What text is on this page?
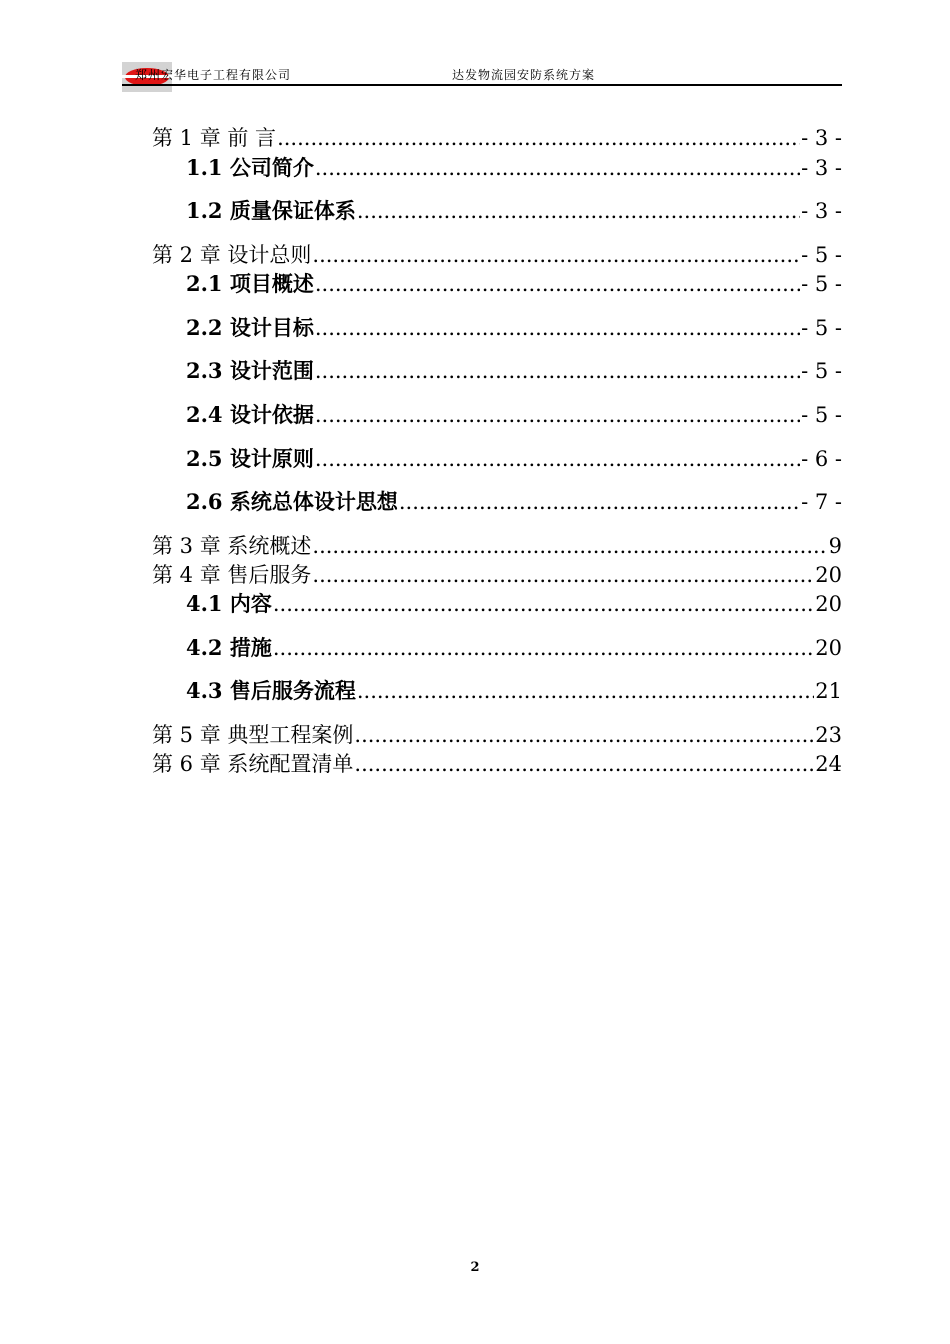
郑州宏华电子工程有限公司	达发物流园安防系统方案
第 1 章 前 言 .....	- 3 -
1.1 公司简介 .....	- 3 -
1.2 质量保证体系 .....	- 3 -
第 2 章 设计总则 .....	- 5 -
2.1 项目概述 .....	- 5 -
2.2 设计目标 .....	- 5 -
2.3 设计范围 .....	- 5 -
2.4 设计依据 .....	- 5 -
2.5 设计原则 .....	- 6 -
2.6 系统总体设计思想 .....	- 7 -
第 3 章 系统概述 .....	9
第 4 章 售后服务 .....	20
4.1 内容 .....	20
4.2 措施 .....	20
4.3 售后服务流程 .....	21
第 5 章 典型工程案例 .....	23
第 6 章 系统配置清单 .....	24
2
